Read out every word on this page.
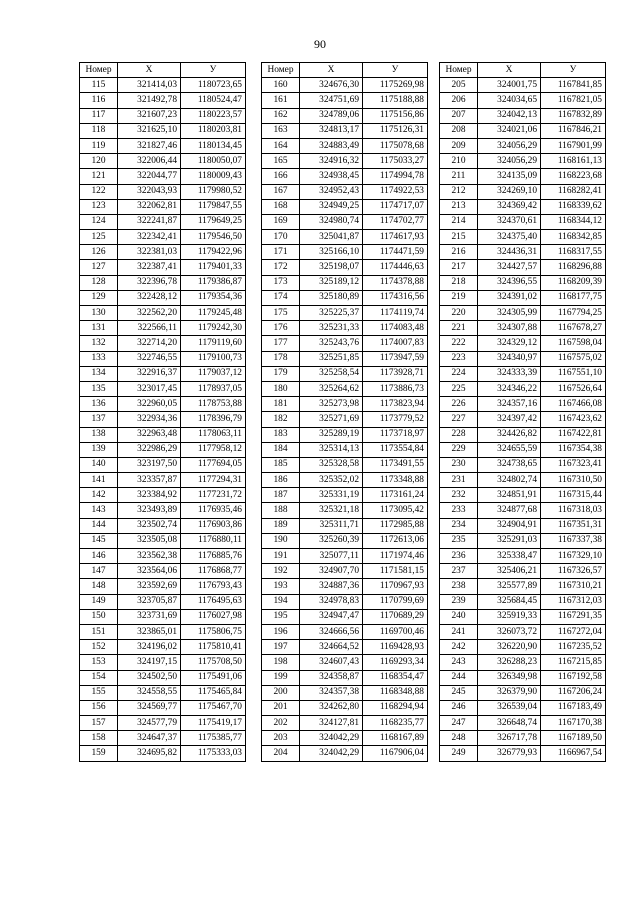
90
Номер	X	У
115	321414,03	1180723,65
116	321492,78	1180524,47
117	321607,23	1180223,57
118	321625,10	1180203,81
119	321827,46	1180134,45
120	322006,44	1180050,07
121	322044,77	1180009,43
122	322043,93	1179980,52
123	322062,81	1179847,55
124	322241,87	1179649,25
125	322342,41	1179546,50
126	322381,03	1179422,96
127	322387,41	1179401,33
128	322396,78	1179386,87
129	322428,12	1179354,36
130	322562,20	1179245,48
131	322566,11	1179242,30
132	322714,20	1179119,60
133	322746,55	1179100,73
134	322916,37	1179037,12
135	323017,45	1178937,05
136	322960,05	1178753,88
137	322934,36	1178396,79
138	322963,48	1178063,11
139	322986,29	1177958,12
140	323197,50	1177694,05
141	323357,87	1177294,31
142	323384,92	1177231,72
143	323493,89	1176935,46
144	323502,74	1176903,86
145	323505,08	1176880,11
146	323562,38	1176885,76
147	323564,06	1176868,77
148	323592,69	1176793,43
149	323705,87	1176495,63
150	323731,69	1176027,98
151	323865,01	1175806,75
152	324196,02	1175810,41
153	324197,15	1175708,50
154	324502,50	1175491,06
155	324558,55	1175465,84
156	324569,77	1175467,70
157	324577,79	1175419,17
158	324647,37	1175385,77
159	324695,82	1175333,03
Номер	X	У
160	324676,30	1175269,98
161	324751,69	1175188,88
162	324789,06	1175156,86
163	324813,17	1175126,31
164	324883,49	1175078,68
165	324916,32	1175033,27
166	324938,45	1174994,78
167	324952,43	1174922,53
168	324949,25	1174717,07
169	324980,74	1174702,77
170	325041,87	1174617,93
171	325166,10	1174471,59
172	325198,07	1174446,63
173	325189,12	1174378,88
174	325180,89	1174316,56
175	325225,37	1174119,74
176	325231,33	1174083,48
177	325243,76	1174007,83
178	325251,85	1173947,59
179	325258,54	1173928,71
180	325264,62	1173886,73
181	325273,98	1173823,94
182	325271,69	1173779,52
183	325289,19	1173718,97
184	325314,13	1173554,84
185	325328,58	1173491,55
186	325352,02	1173348,88
187	325331,19	1173161,24
188	325321,18	1173095,42
189	325311,71	1172985,88
190	325260,39	1172613,06
191	325077,11	1171974,46
192	324907,70	1171581,15
193	324887,36	1170967,93
194	324978,83	1170799,69
195	324947,47	1170689,29
196	324666,56	1169700,46
197	324664,52	1169428,93
198	324607,43	1169293,34
199	324358,87	1168354,47
200	324357,38	1168348,88
201	324262,80	1168294,94
202	324127,81	1168235,77
203	324042,29	1168167,89
204	324042,29	1167906,04
Номер	X	У
205	324001,75	1167841,85
206	324034,65	1167821,05
207	324042,13	1167832,89
208	324021,06	1167846,21
209	324056,29	1167901,99
210	324056,29	1168161,13
211	324135,09	1168223,68
212	324269,10	1168282,41
213	324369,42	1168339,62
214	324370,61	1168344,12
215	324375,40	1168342,85
216	324436,31	1168317,55
217	324427,57	1168296,88
218	324396,55	1168209,39
219	324391,02	1168177,75
220	324305,99	1167794,25
221	324307,88	1167678,27
222	324329,12	1167598,04
223	324340,97	1167575,02
224	324333,39	1167551,10
225	324346,22	1167526,64
226	324357,16	1167466,08
227	324397,42	1167423,62
228	324426,82	1167422,81
229	324655,59	1167354,38
230	324738,65	1167323,41
231	324802,74	1167310,50
232	324851,91	1167315,44
233	324877,68	1167318,03
234	324904,91	1167351,31
235	325291,03	1167337,38
236	325338,47	1167329,10
237	325406,21	1167326,57
238	325577,89	1167310,21
239	325684,45	1167312,03
240	325919,33	1167291,35
241	326073,72	1167272,04
242	326220,90	1167235,52
243	326288,23	1167215,85
244	326349,98	1167192,58
245	326379,90	1167206,24
246	326539,04	1167183,49
247	326648,74	1167170,38
248	326717,78	1167189,50
249	326779,93	1166967,54
